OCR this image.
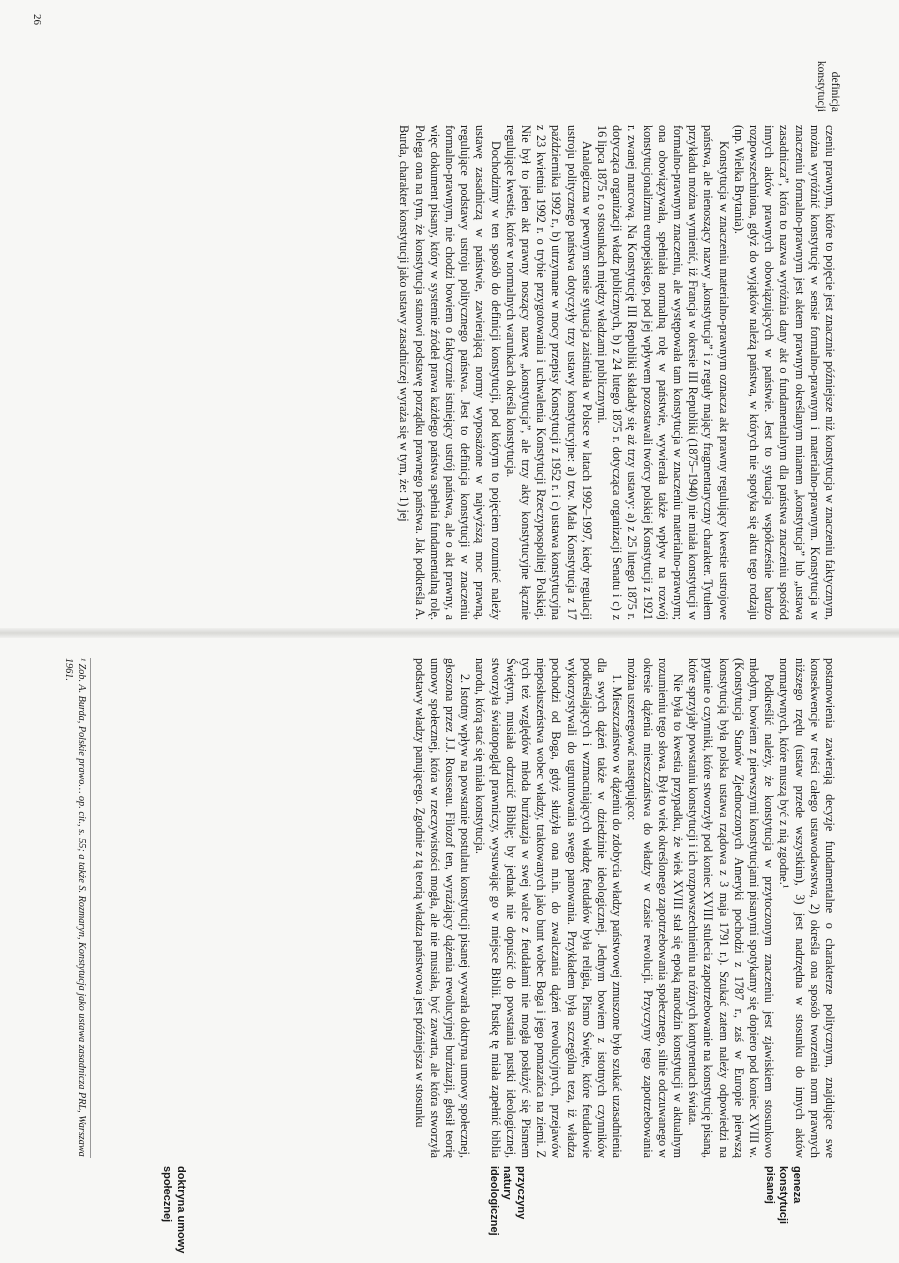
definicja
konstytucji

czeniu prawnym, które to pojęcie jest znacznie późniejsze niż konstytucja w znaczeniu faktycznym, można wyróżnić konstytucję w sensie formalno-prawnym i materialno-prawnym. Konstytucja w znaczeniu formalno-prawnym jest aktem prawnym określanym mianem „konstytucja” lub „ustawa zasadnicza”, która to nazwa wyróżnia dany akt o fundamentalnym dla państwa znaczeniu spośród innych aktów prawnych obowiązujących w państwie. Jest to sytuacja współcześnie bardzo rozpowszechniona, gdyż do wyjątków należą państwa, w których nie spotyka się aktu tego rodzaju (np. Wielka Brytania).

Konstytucja w znaczeniu materialno-prawnym oznacza akt prawny regulujący kwestie ustrojowe państwa, ale nienoszący nazwy „konstytucja” i z reguły mający fragmentaryczny charakter. Tytułem przykładu można wymienić, iż Francja w okresie III Republiki (1875–1940) nie miała konstytucji w formalno-prawnym znaczeniu, ale występowała tam konstytucja w znaczeniu materialno-prawnym; ona obowiązywała, spełniała normalną rolę w państwie, wywierała także wpływ na rozwój konstytucjonalizmu europejskiego, pod jej wpływem pozostawali twórcy polskiej Konstytucji z 1921 r. zwanej marcową. Na Konstytucję III Republiki składały się aż trzy ustawy: a) z 25 lutego 1875 r. dotycząca organizacji władz publicznych, b) z 24 lutego 1875 r. dotycząca organizacji Senatu i c) z 16 lipca 1875 r. o stosunkach między władzami publicznymi.

Analogiczna w pewnym sensie sytuacja zaistniała w Polsce w latach 1992–1997, kiedy regulacji ustroju politycznego państwa dotyczyły trzy ustawy konstytucyjne: a) tzw. Mała Konstytucja z 17 października 1992 r., b) utrzymane w mocy przepisy Konstytucji z 1952 r. i c) ustawa konstytucyjna z 23 kwietnia 1992 r. o trybie przygotowania i uchwalenia Konstytucji Rzeczypospolitej Polskiej. Nie był to jeden akt prawny noszący nazwę „konstytucja”, ale trzy akty konstytucyjne łącznie regulujące kwestie, które w normalnych warunkach określa konstytucja.

Dochodzimy w ten sposób do definicji konstytucji, pod którym to pojęciem rozumieć należy ustawę zasadniczą w państwie, zawierającą normy wyposażone w najwyższą moc prawną, regulujące podstawy ustroju politycznego państwa. Jest to definicja konstytucji w znaczeniu formalno-prawnym, nie chodzi bowiem o faktycznie istniejący ustrój państwa, ale o akt prawny, a więc dokument pisany, który w systemie źródeł prawa każdego państwa spełnia fundamentalną rolę. Polega ona na tym, że konstytucja stanowi podstawę porządku prawnego państwa. Jak podkreśla A. Burda, charakter konstytucji jako ustawy zasadniczej wyraża się w tym, że: 1) jej

26

postanowienia zawierają decyzje fundamentalne o charakterze politycznym, znajdujące swe konsekwencje w treści całego ustawodawstwa, 2) określa ona sposób tworzenia norm prawnych niższego rzędu (ustaw przede wszystkim), 3) jest nadrzędna w stosunku do innych aktów normatywnych, które muszą być z nią zgodne.¹

Podkreślić należy, że konstytucja w przytoczonym znaczeniu jest zjawiskiem stosunkowo młodym, bowiem z pierwszymi konstytucjami pisanymi spotykamy się dopiero pod koniec XVIII w. (Konstytucja Stanów Zjednoczonych Ameryki pochodzi z 1787 r., zaś w Europie pierwszą konstytucją była polska ustawa rządowa z 3 maja 1791 r.). Szukać zatem należy odpowiedzi na pytanie o czynniki, które stworzyły pod koniec XVIII stulecia zapotrzebowanie na konstytucję pisaną, które sprzyjały powstaniu konstytucji i ich rozpowszechnieniu na różnych kontynentach świata.

Nie była to kwestia przypadku, że wiek XVIII stał się epoką narodzin konstytucji w aktualnym rozumieniu tego słowa. Był to wiek określonego zapotrzebowania społecznego, silnie odczuwanego w okresie dążenia mieszczaństwa do władzy w czasie rewolucji. Przyczyny tego zapotrzebowania można uszeregować następująco:

1. Mieszczaństwo w dążeniu do zdobycia władzy państwowej zmuszone było szukać uzasadnienia dla swych dążeń także w dziedzinie ideologicznej. Jednym bowiem z istotnych czynników podkreślających i wzmacniających władzę feudałów była religia, Pismo Święte, które feudałowie wykorzystywali do ugruntowania swego panowania. Przykładem była szczególna teza, iż władza pochodzi od Boga, gdyż służyła ona m.in. do zwalczania dążeń rewolucyjnych, przejawów nieposłuszeństwa wobec władzy, traktowanych jako bunt wobec Boga i jego pomazańca na ziemi. Z tych też względów młoda burżuazja w swej walce z feudałami nie mogła posłużyć się Pismem Świętym, musiała odrzucić Biblię; by jednak nie dopuścić do powstania pustki ideologicznej, stworzyła światopogląd prawniczy, wysuwając go w miejsce Biblii. Pustkę tę miała zapełnić biblia narodu, którą stać się miała konstytucja.

2. Istotny wpływ na powstanie postulatu konstytucji pisanej wywarła doktryna umowy społecznej, głoszona przez J.J. Rousseau. Filozof ten, wyrażający dążenia rewolucyjnej burżuazji, głosił teorię umowy społecznej, która w rzeczywistości mogła, ale nie musiała, być zawarta, ale która stworzyła podstawy władzy panującego. Zgodnie z tą teorią władza państwowa jest późniejsza w stosunku

geneza
konstytucji
pisanej
przyczyny
natury
ideologicznej
doktryna umowy
społecznej
¹ Zob. A. Burda, Polskie prawo… op. cit., s. 55; a także S. Rozmaryn, Konstytucja jako ustawa zasadnicza PRL, Warszawa 1961.
